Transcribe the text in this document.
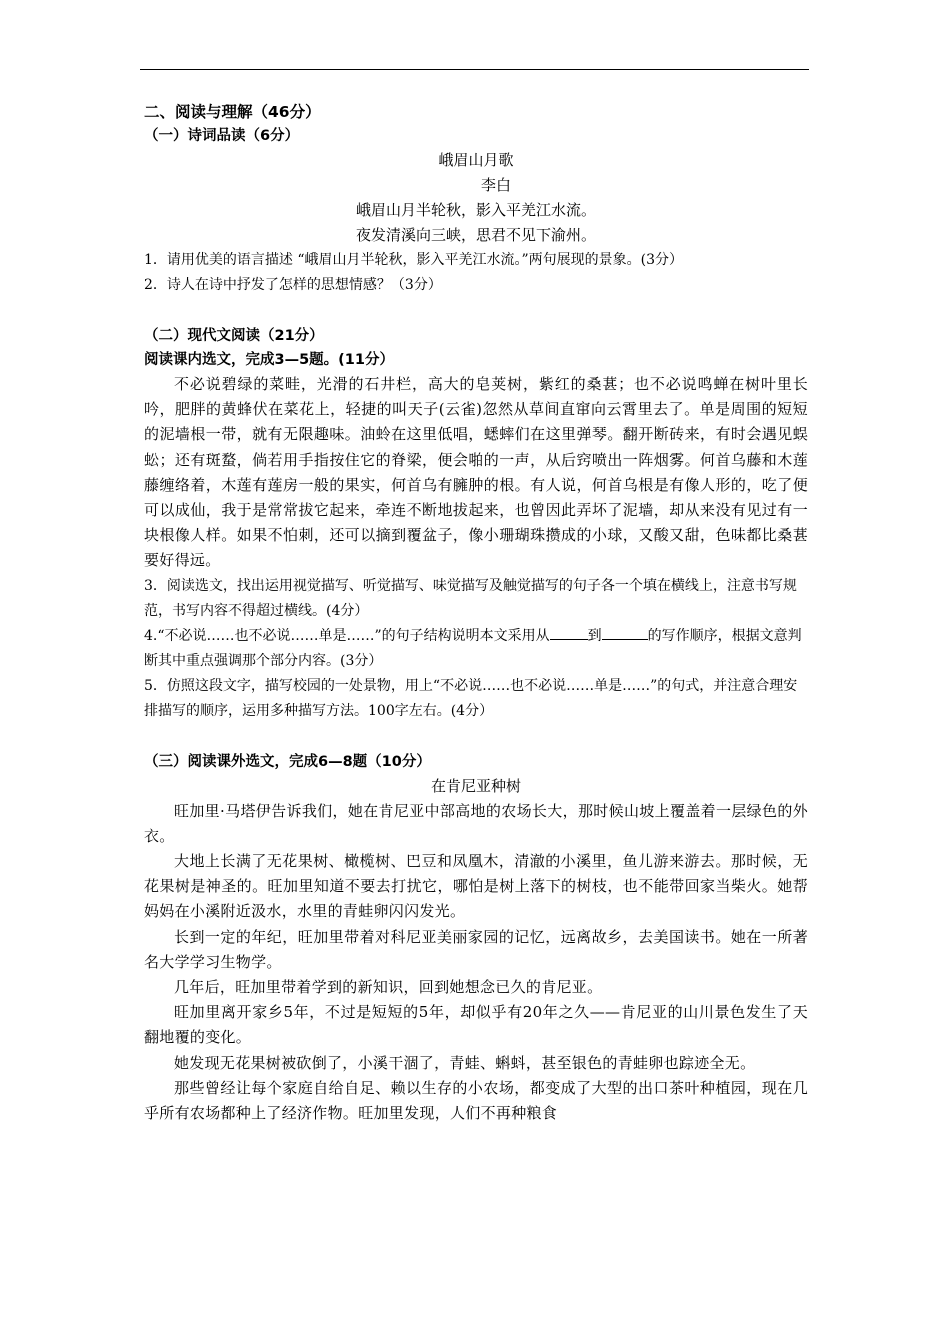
二、阅读与理解（46分）
（一）诗词品读（6分）
峨眉山月歌
李白
峨眉山月半轮秋，影入平羌江水流。
夜发清溪向三峡，思君不见下渝州。
1．请用优美的语言描述 “峨眉山月半轮秋，影入平羌江水流。”两句展现的景象。(3分）
2．诗人在诗中抒发了怎样的思想情感？（3分）
（二）现代文阅读（21分）
阅读课内选文，完成3—5题。(11分）
不必说碧绿的菜畦，光滑的石井栏，高大的皂荚树，紫红的桑葚；也不必说鸣蝉在树叶里长吟，肥胖的黄蜂伏在菜花上，轻捷的叫天子(云雀)忽然从草间直窜向云霄里去了。单是周围的短短的泥墙根一带，就有无限趣味。油蛉在这里低唱，蟋蟀们在这里弹琴。翻开断砖来，有时会遇见蜈蚣；还有斑蝥，倘若用手指按住它的脊梁，便会啪的一声，从后窍喷出一阵烟雾。何首乌藤和木莲藤缠络着，木莲有莲房一般的果实，何首乌有臃肿的根。有人说，何首乌根是有像人形的，吃了便可以成仙，我于是常常拔它起来，牵连不断地拔起来，也曾因此弄坏了泥墙，却从来没有见过有一块根像人样。如果不怕刺，还可以摘到覆盆子，像小珊瑚珠攒成的小球，又酸又甜，色味都比桑葚要好得远。
3．阅读选文，找出运用视觉描写、听觉描写、味觉描写及触觉描写的句子各一个填在横线上，注意书写规范，书写内容不得超过横线。(4分）
4.“不必说……也不必说……单是……”的句子结构说明本文采用从	到	的写作顺序，根据文意判断其中重点强调那个部分内容。(3分）
5．仿照这段文字，描写校园的一处景物，用上“不必说……也不必说……单是……”的句式，并注意合理安排描写的顺序，运用多种描写方法。100字左右。(4分）
（三）阅读课外选文，完成6—8题（10分）
在肯尼亚种树
旺加里·马塔伊告诉我们，她在肯尼亚中部高地的农场长大，那时候山坡上覆盖着一层绿色的外衣。
大地上长满了无花果树、橄榄树、巴豆和凤凰木，清澈的小溪里，鱼儿游来游去。那时候，无花果树是神圣的。旺加里知道不要去打扰它，哪怕是树上落下的树枝，也不能带回家当柴火。她帮妈妈在小溪附近汲水，水里的青蛙卵闪闪发光。
长到一定的年纪，旺加里带着对科尼亚美丽家园的记忆，远离故乡，去美国读书。她在一所著名大学学习生物学。
几年后，旺加里带着学到的新知识，回到她想念已久的肯尼亚。
旺加里离开家乡5年，不过是短短的5年，却似乎有20年之久——肯尼亚的山川景色发生了天翻地覆的变化。
她发现无花果树被砍倒了，小溪干涸了，青蛙、蝌蚪，甚至银色的青蛙卵也踪迹全无。
那些曾经让每个家庭自给自足、赖以生存的小农场，都变成了大型的出口茶叶种植园，现在几乎所有农场都种上了经济作物。旺加里发现，人们不再种粮食
